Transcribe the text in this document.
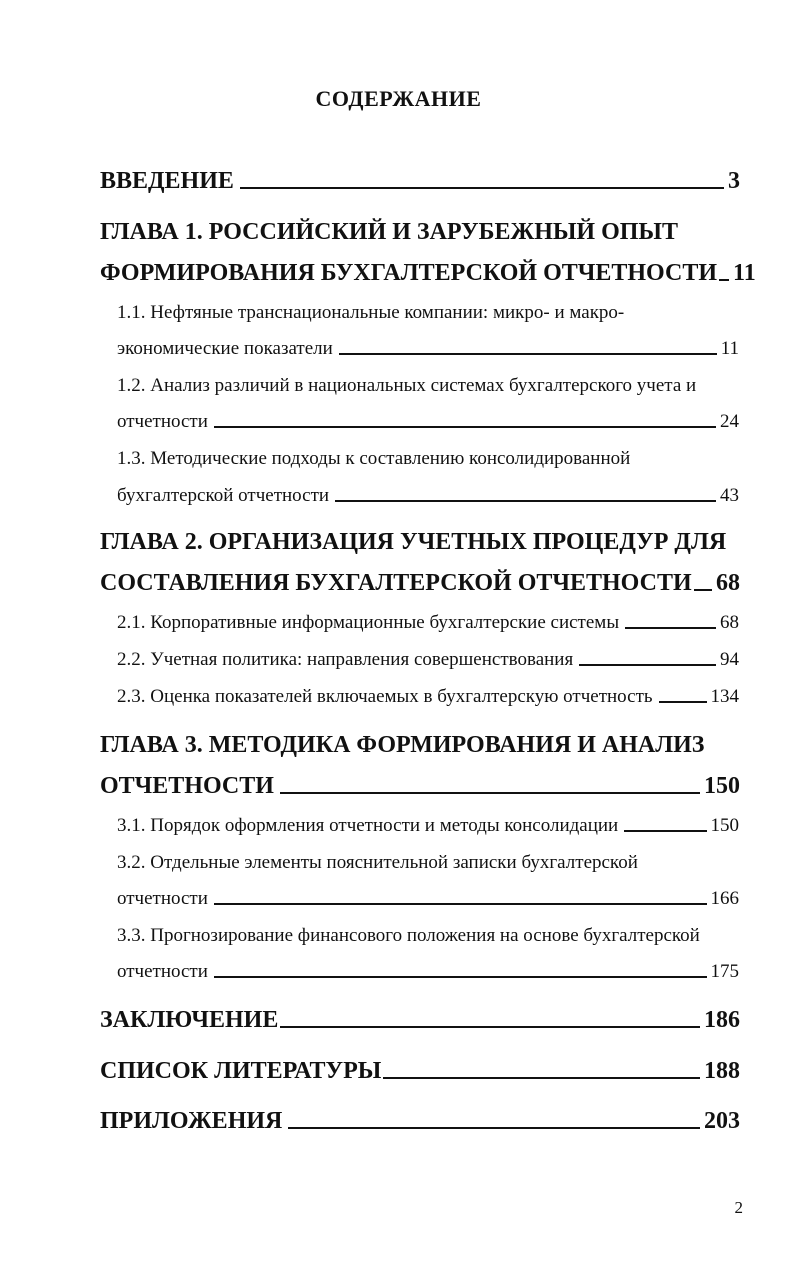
СОДЕРЖАНИЕ
ВВЕДЕНИЕ	3
ГЛАВА 1. РОССИЙСКИЙ И ЗАРУБЕЖНЫЙ ОПЫТ
ФОРМИРОВАНИЯ БУХГАЛТЕРСКОЙ ОТЧЕТНОСТИ 11
1.1. Нефтяные транснациональные компании: микро- и макро-
экономические показатели	11
1.2. Анализ различий в национальных системах бухгалтерского учета и
отчетности	24
1.3. Методические подходы к составлению консолидированной
бухгалтерской отчетности	43
ГЛАВА 2. ОРГАНИЗАЦИЯ УЧЕТНЫХ ПРОЦЕДУР ДЛЯ
СОСТАВЛЕНИЯ БУХГАЛТЕРСКОЙ ОТЧЕТНОСТИ 68
2.1. Корпоративные информационные бухгалтерские системы	68
2.2. Учетная политика: направления совершенствования	94
2.3. Оценка показателей включаемых в бухгалтерскую отчетность	134
ГЛАВА 3. МЕТОДИКА ФОРМИРОВАНИЯ И АНАЛИЗ
ОТЧЕТНОСТИ	150
3.1. Порядок оформления отчетности и методы консолидации	150
3.2. Отдельные элементы пояснительной записки бухгалтерской
отчетности	166
3.3. Прогнозирование финансового положения на основе бухгалтерской
отчетности	175
ЗАКЛЮЧЕНИЕ	186
СПИСОК ЛИТЕРАТУРЫ	188
ПРИЛОЖЕНИЯ	203
2
